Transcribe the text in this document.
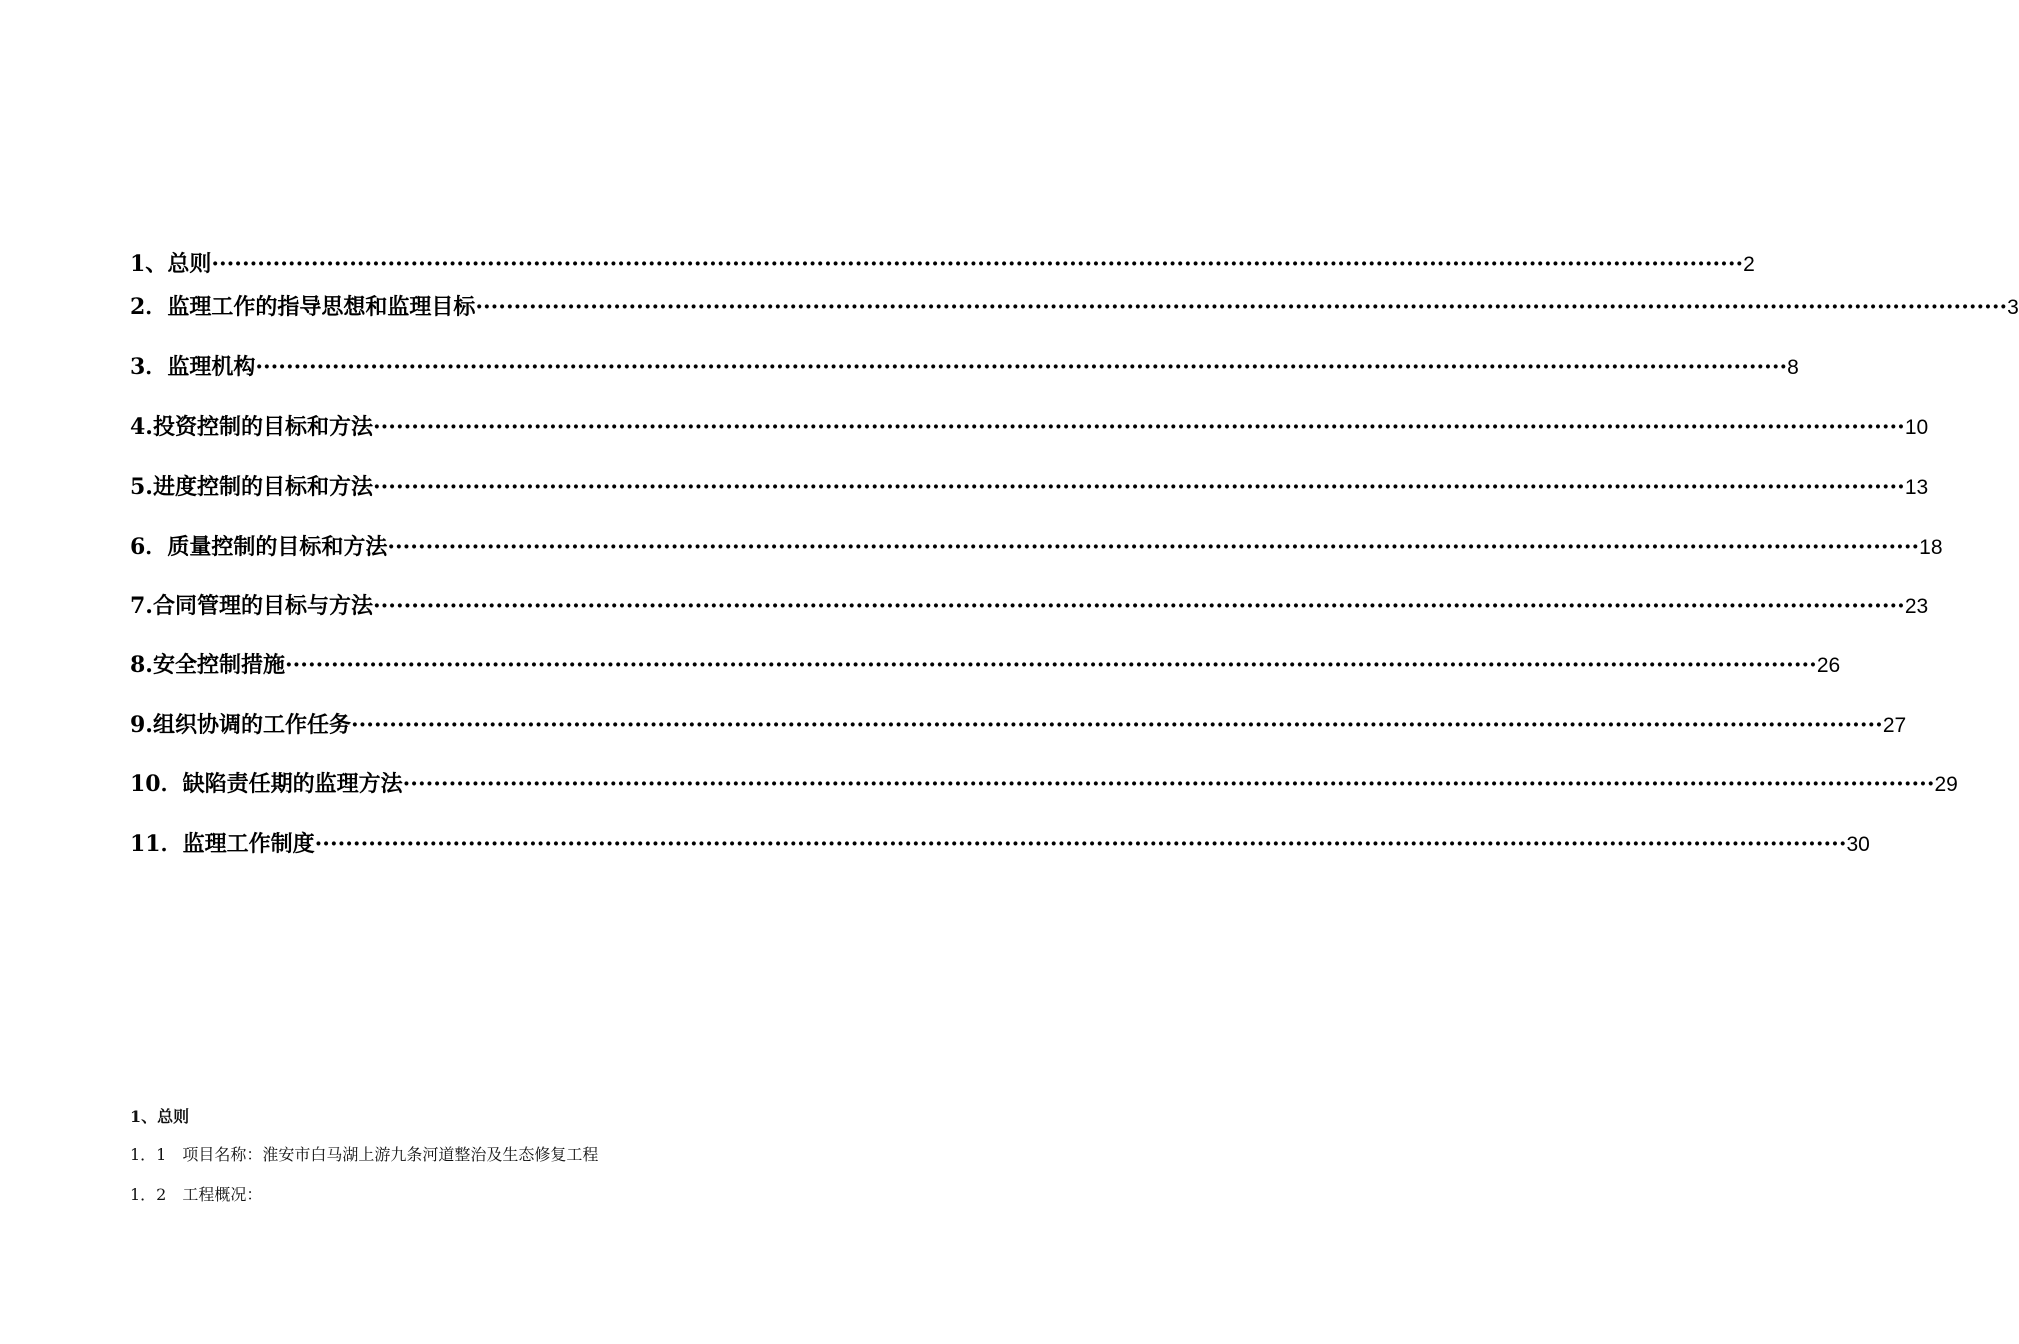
1、 总则 ········································································································································································································ 2
2． 监理工作的指导思想和监理目标 ········································································································································································································ 3
3． 监理机构 ········································································································································································································ 8
4. 投资控制的目标和方法 ········································································································································································································ 10
5. 进度控制的目标和方法 ········································································································································································································ 13
6． 质量控制的目标和方法 ········································································································································································································ 18
7. 合同管理的目标与方法 ········································································································································································································ 23
8. 安全控制措施 ········································································································································································································ 26
9. 组织协调的工作任务 ········································································································································································································ 27
10． 缺陷责任期的监理方法 ········································································································································································································ 29
11． 监理工作制度 ········································································································································································································ 30
1、总则
1．1　项目名称：淮安市白马湖上游九条河道整治及生态修复工程
1．2　工程概况：
